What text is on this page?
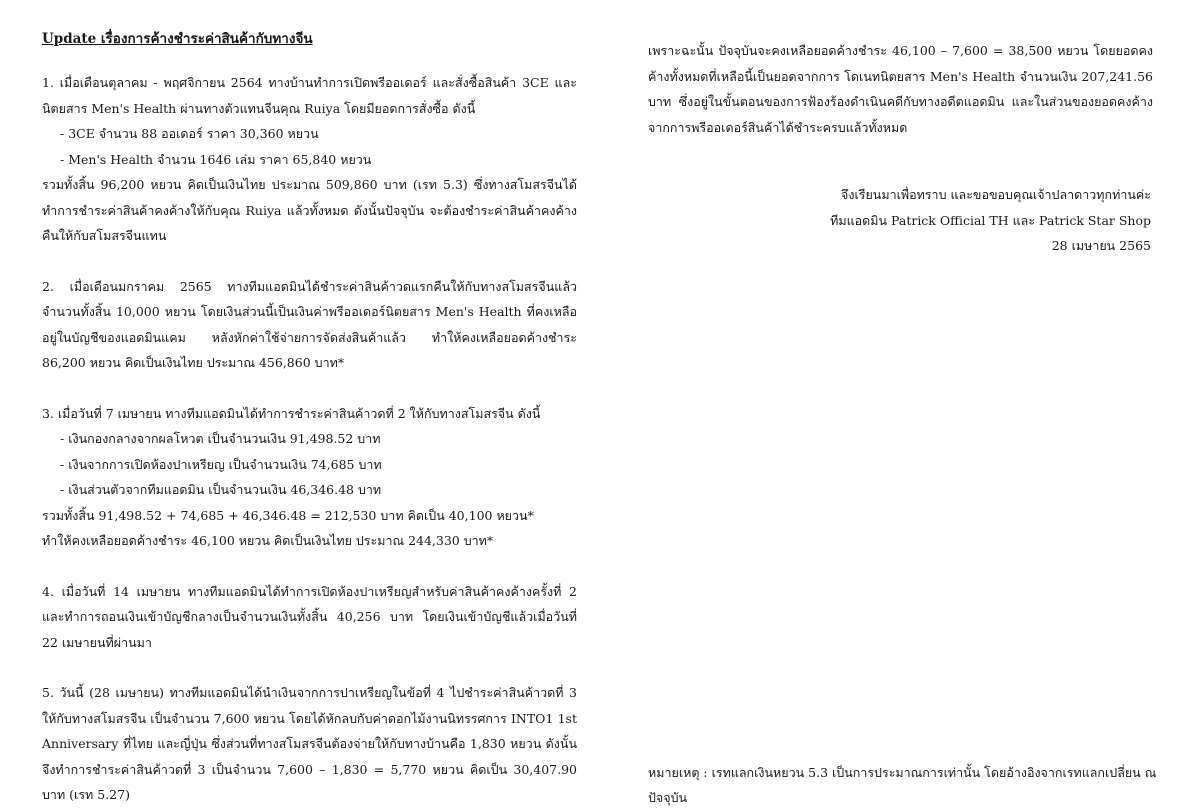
Update เรื่องการค้างชำระค่าสินค้ากับทางจีน

1. เมื่อเดือนตุลาคม - พฤศจิกายน 2564 ทางบ้านทำการเปิดพรีออเดอร์ และสั่งซื้อสินค้า 3CE และนิตยสาร Men's Health ผ่านทางตัวแทนจีนคุณ Ruiya โดยมียอดการสั่งซื้อ ดังนี้

- 3CE จำนวน 88 ออเดอร์ ราคา 30,360 หยวน

- Men's Health จำนวน 1646 เล่ม ราคา 65,840 หยวน

รวมทั้งสิ้น 96,200 หยวน คิดเป็นเงินไทย ประมาณ 509,860 บาท (เรท 5.3) ซึ่งทางสโมสรจีนได้ทำการชำระค่าสินค้าคงค้างให้กับคุณ Ruiya แล้วทั้งหมด ดังนั้นปัจจุบัน จะต้องชำระค่าสินค้าคงค้างคืนให้กับสโมสรจีนแทน

2. เมื่อเดือนมกราคม 2565 ทางทีมแอดมินได้ชำระค่าสินค้าวดแรกคืนให้กับทางสโมสรจีนแล้วจำนวนทั้งสิ้น 10,000 หยวน โดยเงินส่วนนี้เป็นเงินค่าพรีออเดอร์นิตยสาร Men's Health ที่คงเหลืออยู่ในบัญชีของแอดมินแคม หลังหักค่าใช้จ่ายการจัดส่งสินค้าแล้ว ทำให้คงเหลือยอดค้างชำระ 86,200 หยวน คิดเป็นเงินไทย ประมาณ 456,860 บาท*

3. เมื่อวันที่ 7 เมษายน ทางทีมแอดมินได้ทำการชำระค่าสินค้าวดที่ 2 ให้กับทางสโมสรจีน ดังนี้

- เงินกองกลางจากผลโหวต เป็นจำนวนเงิน 91,498.52 บาท

- เงินจากการเปิดห้องปาเหรียญ เป็นจำนวนเงิน 74,685 บาท

- เงินส่วนตัวจากทีมแอดมิน เป็นจำนวนเงิน 46,346.48 บาท

รวมทั้งสิ้น 91,498.52 + 74,685 + 46,346.48 = 212,530 บาท คิดเป็น 40,100 หยวน*

ทำให้คงเหลือยอดค้างชำระ 46,100 หยวน คิดเป็นเงินไทย ประมาณ 244,330 บาท*

4. เมื่อวันที่ 14 เมษายน ทางทีมแอดมินได้ทำการเปิดห้องปาเหรียญสำหรับค่าสินค้าคงค้างครั้งที่ 2 และทำการถอนเงินเข้าบัญชีกลางเป็นจำนวนเงินทั้งสิ้น 40,256 บาท โดยเงินเข้าบัญชีแล้วเมื่อวันที่ 22 เมษายนที่ผ่านมา

5. วันนี้ (28 เมษายน) ทางทีมแอดมินได้นำเงินจากการปาเหรียญในข้อที่ 4 ไปชำระค่าสินค้าวดที่ 3 ให้กับทางสโมสรจีน เป็นจำนวน 7,600 หยวน โดยได้หักลบกับค่าดอกไม้งานนิทรรศการ INTO1 1st Anniversary ที่ไทย และญี่ปุ่น ซึ่งส่วนที่ทางสโมสรจีนต้องจ่ายให้กับทางบ้านคือ 1,830 หยวน ดังนั้นจึงทำการชำระค่าสินค้าวดที่ 3 เป็นจำนวน 7,600 – 1,830 = 5,770 หยวน คิดเป็น 30,407.90 บาท (เรท 5.27)

เพราะฉะนั้น ปัจจุบันจะคงเหลือยอดค้างชำระ 46,100 – 7,600 = 38,500 หยวน โดยยอดคงค้างทั้งหมดที่เหลือนี้เป็นยอดจากการ โดเนทนิตยสาร Men's Health จำนวนเงิน 207,241.56 บาท ซึ่งอยู่ในขั้นตอนของการฟ้องร้องดำเนินคดีกับทางอดีตแอดมิน และในส่วนของยอดคงค้างจากการพรีออเดอร์สินค้าได้ชำระครบแล้วทั้งหมด

จึงเรียนมาเพื่อทราบ และขอขอบคุณเจ้าปลาดาวทุกท่านค่ะ

ทีมแอดมิน Patrick Official TH และ Patrick Star Shop

28 เมษายน 2565

หมายเหตุ : เรทแลกเงินหยวน 5.3 เป็นการประมาณการเท่านั้น โดยอ้างอิงจากเรทแลกเปลี่ยน ณ ปัจจุบัน
